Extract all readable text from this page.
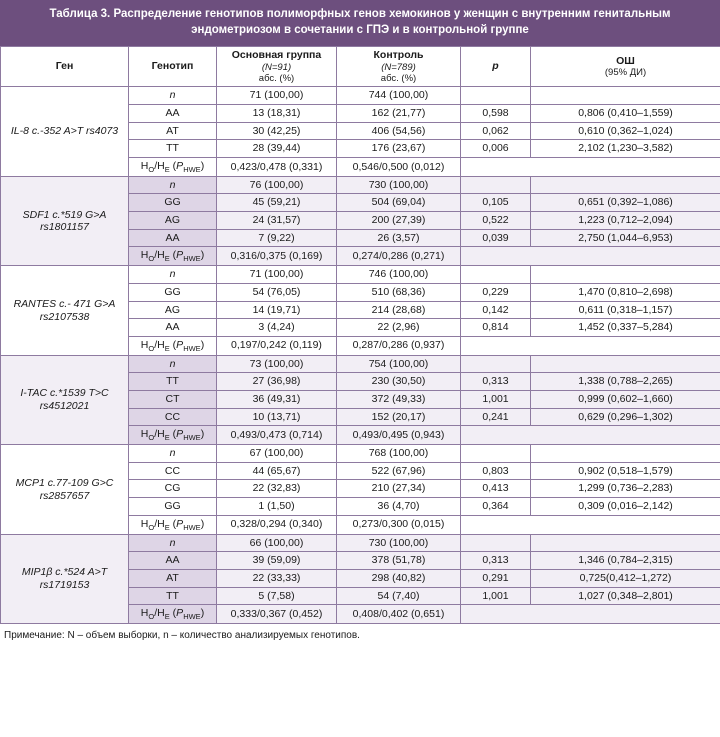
Таблица 3. Распределение генотипов полиморфных генов хемокинов у женщин с внутренним генитальным эндометриозом в сочетании с ГПЭ и в контрольной группе
Ген	Генотип	Основная группа
(N=91)
абс. (%)	Контроль
(N=789)
абс. (%)	p	ОШ
(95% ДИ)

IL-8 c.-352 A>T rs4073	n	71 (100,00)	744 (100,00)		
	AA	13 (18,31)	162 (21,77)	0,598	0,806 (0,410–1,559)
	AT	30 (42,25)	406 (54,56)	0,062	0,610 (0,362–1,024)
	TT	28 (39,44)	176 (23,67)	0,006	2,102 (1,230–3,582)
	$H_O/H_E$ $(P_{HWE})$	0,423/0,478 (0,331)	0,546/0,500 (0,012)		
SDF1 c.*519 G>A rs1801157	n	76 (100,00)	730 (100,00)		
	GG	45 (59,21)	504 (69,04)	0,105	0,651 (0,392–1,086)
	AG	24 (31,57)	200 (27,39)	0,522	1,223 (0,712–2,094)
	AA	7 (9,22)	26 (3,57)	0,039	2,750 (1,044–6,953)
	$H_O/H_E$ $(P_{HWE})$	0,316/0,375 (0,169)	0,274/0,286 (0,271)		
RANTES c.- 471 G>A rs2107538	n	71 (100,00)	746 (100,00)		
	GG	54 (76,05)	510 (68,36)	0,229	1,470 (0,810–2,698)
	AG	14 (19,71)	214 (28,68)	0,142	0,611 (0,318–1,157)
	AA	3 (4,24)	22 (2,96)	0,814	1,452 (0,337–5,284)
	$H_O/H_E$ $(P_{HWE})$	0,197/0,242 (0,119)	0,287/0,286 (0,937)		
I-TAC c.*1539 T>C rs4512021	n	73 (100,00)	754 (100,00)		
	TT	27 (36,98)	230 (30,50)	0,313	1,338 (0,788–2,265)
	CT	36 (49,31)	372 (49,33)	1,001	0,999 (0,602–1,660)
	CC	10 (13,71)	152 (20,17)	0,241	0,629 (0,296–1,302)
	$H_O/H_E$ $(P_{HWE})$	0,493/0,473 (0,714)	0,493/0,495 (0,943)		
MCP1 c.77-109 G>C rs2857657	n	67 (100,00)	768 (100,00)		
	CC	44 (65,67)	522 (67,96)	0,803	0,902 (0,518–1,579)
	CG	22 (32,83)	210 (27,34)	0,413	1,299 (0,736–2,283)
	GG	1 (1,50)	36 (4,70)	0,364	0,309 (0,016–2,142)
	$H_O/H_E$ $(P_{HWE})$	0,328/0,294 (0,340)	0,273/0,300 (0,015)		
MIP1β c.*524 A>T rs1719153	n	66 (100,00)	730 (100,00)		
	AA	39 (59,09)	378 (51,78)	0,313	1,346 (0,784–2,315)
	AT	22 (33,33)	298 (40,82)	0,291	0,725(0,412–1,272)
	TT	5 (7,58)	54 (7,40)	1,001	1,027 (0,348–2,801)
	$H_O/H_E$ $(P_{HWE})$	0,333/0,367 (0,452)	0,408/0,402 (0,651)		
Примечание: N – объем выборки, n – количество анализируемых генотипов.
